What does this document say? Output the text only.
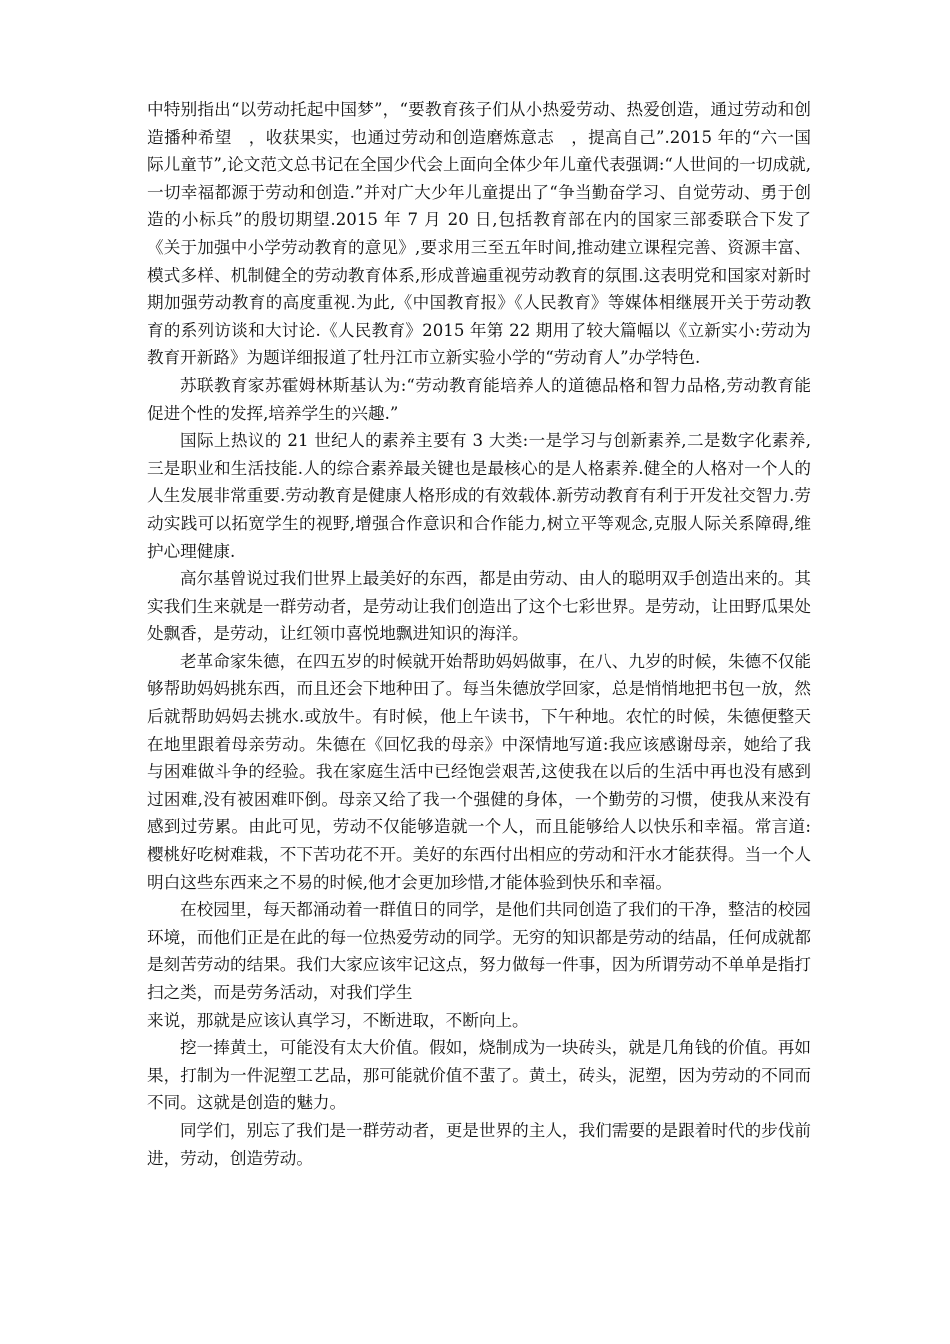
中特别指出“以劳动托起中国梦”，“要教育孩子们从小热爱劳动、热爱创造，通过劳动和创造播种希望　，收获果实，也通过劳动和创造磨炼意志　，提高自己”.2015 年的“六一国际儿童节”,论文范文总书记在全国少代会上面向全体少年儿童代表强调:“人世间的一切成就,一切幸福都源于劳动和创造.”并对广大少年儿童提出了“争当勤奋学习、自觉劳动、勇于创造的小标兵”的殷切期望.2015 年 7 月 20 日,包括教育部在内的国家三部委联合下发了《关于加强中小学劳动教育的意见》,要求用三至五年时间,推动建立课程完善、资源丰富、模式多样、机制健全的劳动教育体系,形成普遍重视劳动教育的氛围.这表明党和国家对新时期加强劳动教育的高度重视.为此,《中国教育报》《人民教育》等媒体相继展开关于劳动教育的系列访谈和大讨论.《人民教育》2015 年第 22 期用了较大篇幅以《立新实小:劳动为教育开新路》为题详细报道了牡丹江市立新实验小学的“劳动育人”办学特色.

苏联教育家苏霍姆林斯基认为:“劳动教育能培养人的道德品格和智力品格,劳动教育能促进个性的发挥,培养学生的兴趣.”

国际上热议的 21 世纪人的素养主要有 3 大类:一是学习与创新素养,二是数字化素养,三是职业和生活技能.人的综合素养最关键也是最核心的是人格素养.健全的人格对一个人的人生发展非常重要.劳动教育是健康人格形成的有效载体.新劳动教育有利于开发社交智力.劳动实践可以拓宽学生的视野,增强合作意识和合作能力,树立平等观念,克服人际关系障碍,维护心理健康.

高尔基曾说过我们世界上最美好的东西，都是由劳动、由人的聪明双手创造出来的。其实我们生来就是一群劳动者，是劳动让我们创造出了这个七彩世界。是劳动，让田野瓜果处处飘香，是劳动，让红领巾喜悦地飘进知识的海洋。

老革命家朱德，在四五岁的时候就开始帮助妈妈做事，在八、九岁的时候，朱德不仅能够帮助妈妈挑东西，而且还会下地种田了。每当朱德放学回家，总是悄悄地把书包一放，然后就帮助妈妈去挑水.或放牛。有时候，他上午读书，下午种地。农忙的时候，朱德便整天在地里跟着母亲劳动。朱德在《回忆我的母亲》中深情地写道:我应该感谢母亲，她给了我与困难做斗争的经验。我在家庭生活中已经饱尝艰苦,这使我在以后的生活中再也没有感到过困难,没有被困难吓倒。母亲又给了我一个强健的身体，一个勤劳的习惯，使我从来没有感到过劳累。由此可见，劳动不仅能够造就一个人，而且能够给人以快乐和幸福。常言道:樱桃好吃树难栽，不下苦功花不开。美好的东西付出相应的劳动和汗水才能获得。当一个人明白这些东西来之不易的时候,他才会更加珍惜,才能体验到快乐和幸福。

在校园里，每天都涌动着一群值日的同学，是他们共同创造了我们的干净，整洁的校园环境，而他们正是在此的每一位热爱劳动的同学。无穷的知识都是劳动的结晶，任何成就都是刻苦劳动的结果。我们大家应该牢记这点，努力做每一件事，因为所谓劳动不单单是指打扫之类，而是劳务活动，对我们学生

来说，那就是应该认真学习，不断进取，不断向上。

挖一捧黄土，可能没有太大价值。假如，烧制成为一块砖头，就是几角钱的价值。再如果，打制为一件泥塑工艺品，那可能就价值不蜚了。黄土，砖头，泥塑，因为劳动的不同而不同。这就是创造的魅力。

同学们，别忘了我们是一群劳动者，更是世界的主人，我们需要的是跟着时代的步伐前进，劳动，创造劳动。
